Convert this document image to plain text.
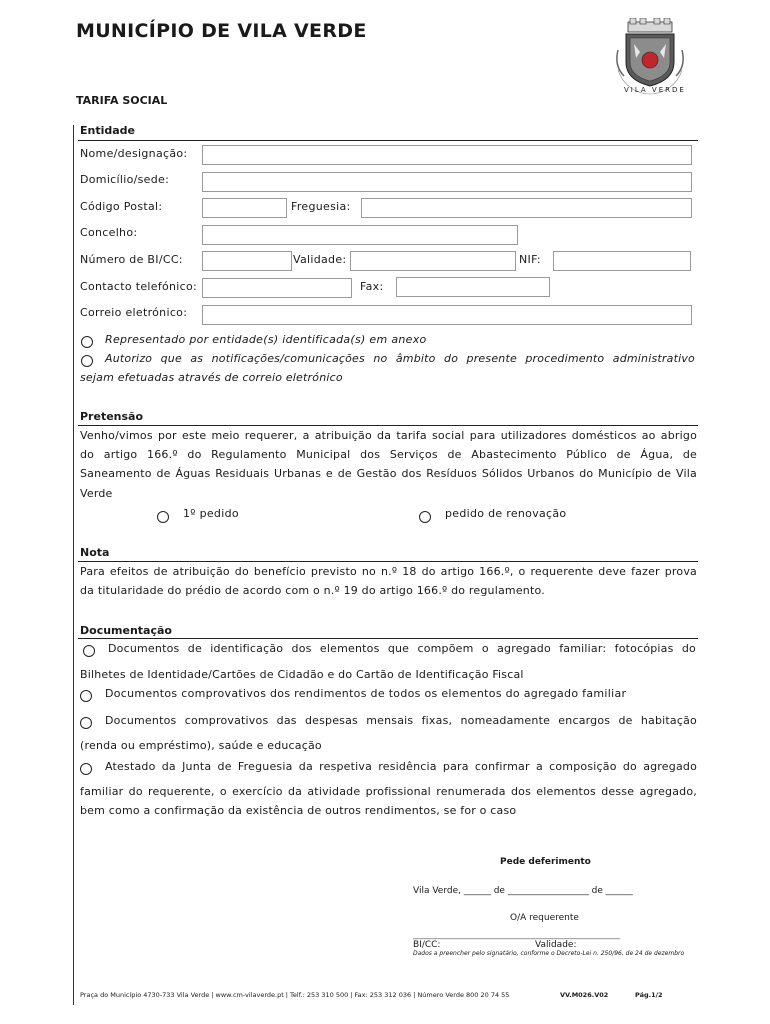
MUNICÍPIO DE VILA VERDE
TARIFA SOCIAL
VILA VERDE
Entidade
Nome/designação:
Domicílio/sede:
Código Postal:	Freguesia:
Concelho:
Número de BI/CC:	Validade:	NIF:
Contacto telefónico:	Fax:
Correio eletrónico:
Representado por entidade(s) identificada(s) em anexo
Autorizo que as notificações/comunicações no âmbito do presente procedimento administrativo
sejam efetuadas através de correio eletrónico
Pretensão
Venho/vimos por este meio requerer, a atribuição da tarifa social para utilizadores domésticos ao abrigo
do artigo 166.º do Regulamento Municipal dos Serviços de Abastecimento Público de Água, de
Saneamento de Águas Residuais Urbanas e de Gestão dos Resíduos Sólidos Urbanos do Município de Vila
Verde
1º pedido	pedido de renovação
Nota
Para efeitos de atribuição do benefício previsto no n.º 18 do artigo 166.º, o requerente deve fazer prova
da titularidade do prédio de acordo com o n.º 19 do artigo 166.º do regulamento.
Documentação
Documentos de identificação dos elementos que compõem o agregado familiar: fotocópias do
Bilhetes de Identidade/Cartões de Cidadão e do Cartão de Identificação Fiscal
Documentos comprovativos dos rendimentos de todos os elementos do agregado familiar
Documentos comprovativos das despesas mensais fixas, nomeadamente encargos de habitação
(renda ou empréstimo), saúde e educação
Atestado da Junta de Freguesia da respetiva residência para confirmar a composição do agregado
familiar do requerente, o exercício da atividade profissional renumerada dos elementos desse agregado,
bem como a confirmação da existência de outros rendimentos, se for o caso
Pede deferimento
Vila Verde, ______ de __________________ de ______
O/A requerente
______________________________________________
BI/CC:	Validade:
Dados a preencher pelo signatário, conforme o Decreto-Lei n. 250/96, de 24 de dezembro
Praça do Município 4730-733 Vila Verde | www.cm-vilaverde.pt | Telf.: 253 310 500 | Fax: 253 312 036 | Número Verde 800 20 74 55	VV.M026.V02	Pág.1/2
